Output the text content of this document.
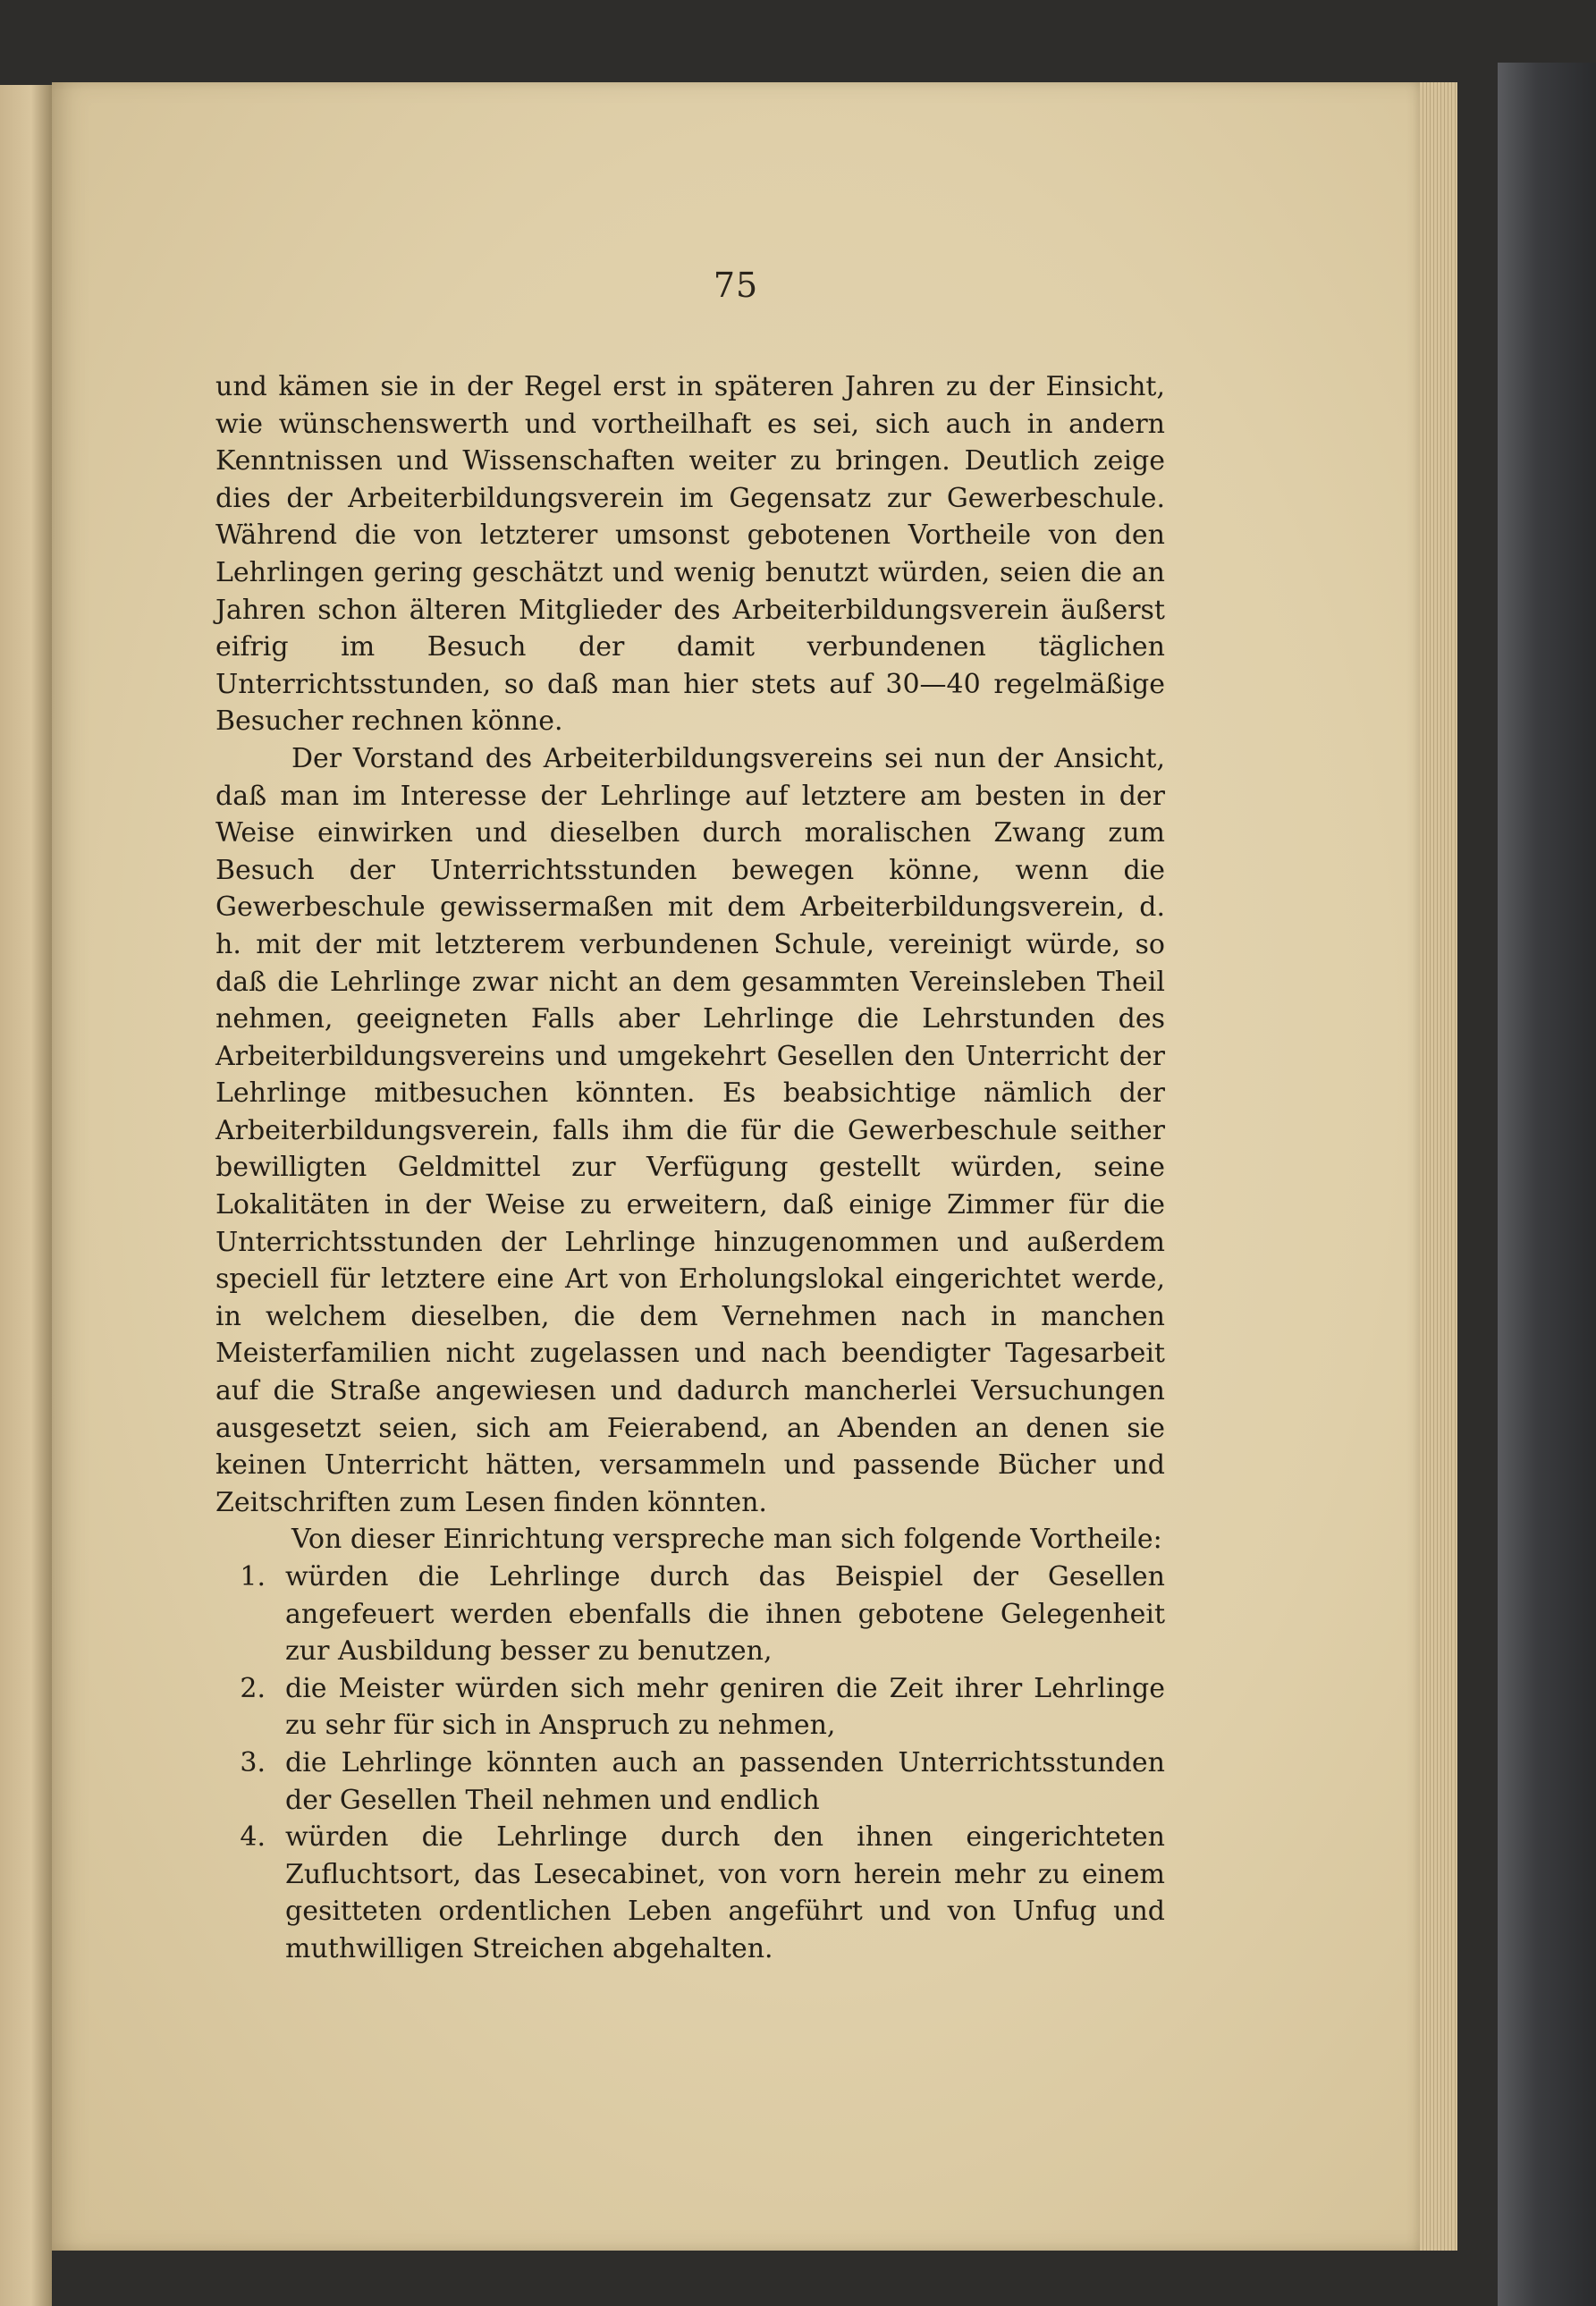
75

und kämen sie in der Regel erst in späteren Jahren zu der Einsicht, wie wünschenswerth und vortheilhaft es sei, sich auch in andern Kenntnissen und Wissenschaften weiter zu bringen. Deutlich zeige dies der Arbeiterbildungsverein im Gegensatz zur Gewerbeschule. Während die von letzterer umsonst gebotenen Vortheile von den Lehrlingen gering geschätzt und wenig benutzt würden, seien die an Jahren schon älteren Mitglieder des Arbeiterbildungsverein äußerst eifrig im Besuch der damit verbundenen täglichen Unterrichtsstunden, so daß man hier stets auf 30—40 regelmäßige Besucher rechnen könne.

Der Vorstand des Arbeiterbildungsvereins sei nun der Ansicht, daß man im Interesse der Lehrlinge auf letztere am besten in der Weise einwirken und dieselben durch moralischen Zwang zum Besuch der Unterrichtsstunden bewegen könne, wenn die Gewerbeschule gewissermaßen mit dem Arbeiterbildungsverein, d. h. mit der mit letzterem verbundenen Schule, vereinigt würde, so daß die Lehrlinge zwar nicht an dem gesammten Vereinsleben Theil nehmen, geeigneten Falls aber Lehrlinge die Lehrstunden des Arbeiterbildungsvereins und umgekehrt Gesellen den Unterricht der Lehrlinge mitbesuchen könnten. Es beabsichtige nämlich der Arbeiterbildungsverein, falls ihm die für die Gewerbeschule seither bewilligten Geldmittel zur Verfügung gestellt würden, seine Lokalitäten in der Weise zu erweitern, daß einige Zimmer für die Unterrichtsstunden der Lehrlinge hinzugenommen und außerdem speciell für letztere eine Art von Erholungslokal eingerichtet werde, in welchem dieselben, die dem Vernehmen nach in manchen Meisterfamilien nicht zugelassen und nach beendigter Tagesarbeit auf die Straße angewiesen und dadurch mancherlei Versuchungen ausgesetzt seien, sich am Feierabend, an Abenden an denen sie keinen Unterricht hätten, versammeln und passende Bücher und Zeitschriften zum Lesen finden könnten.

Von dieser Einrichtung verspreche man sich folgende Vortheile:

1. würden die Lehrlinge durch das Beispiel der Gesellen angefeuert werden ebenfalls die ihnen gebotene Gelegenheit zur Ausbildung besser zu benutzen,
2. die Meister würden sich mehr geniren die Zeit ihrer Lehrlinge zu sehr für sich in Anspruch zu nehmen,
3. die Lehrlinge könnten auch an passenden Unterrichtsstunden der Gesellen Theil nehmen und endlich
4. würden die Lehrlinge durch den ihnen eingerichteten Zufluchtsort, das Lesecabinet, von vorn herein mehr zu einem gesitteten ordentlichen Leben angeführt und von Unfug und muthwilligen Streichen abgehalten.
